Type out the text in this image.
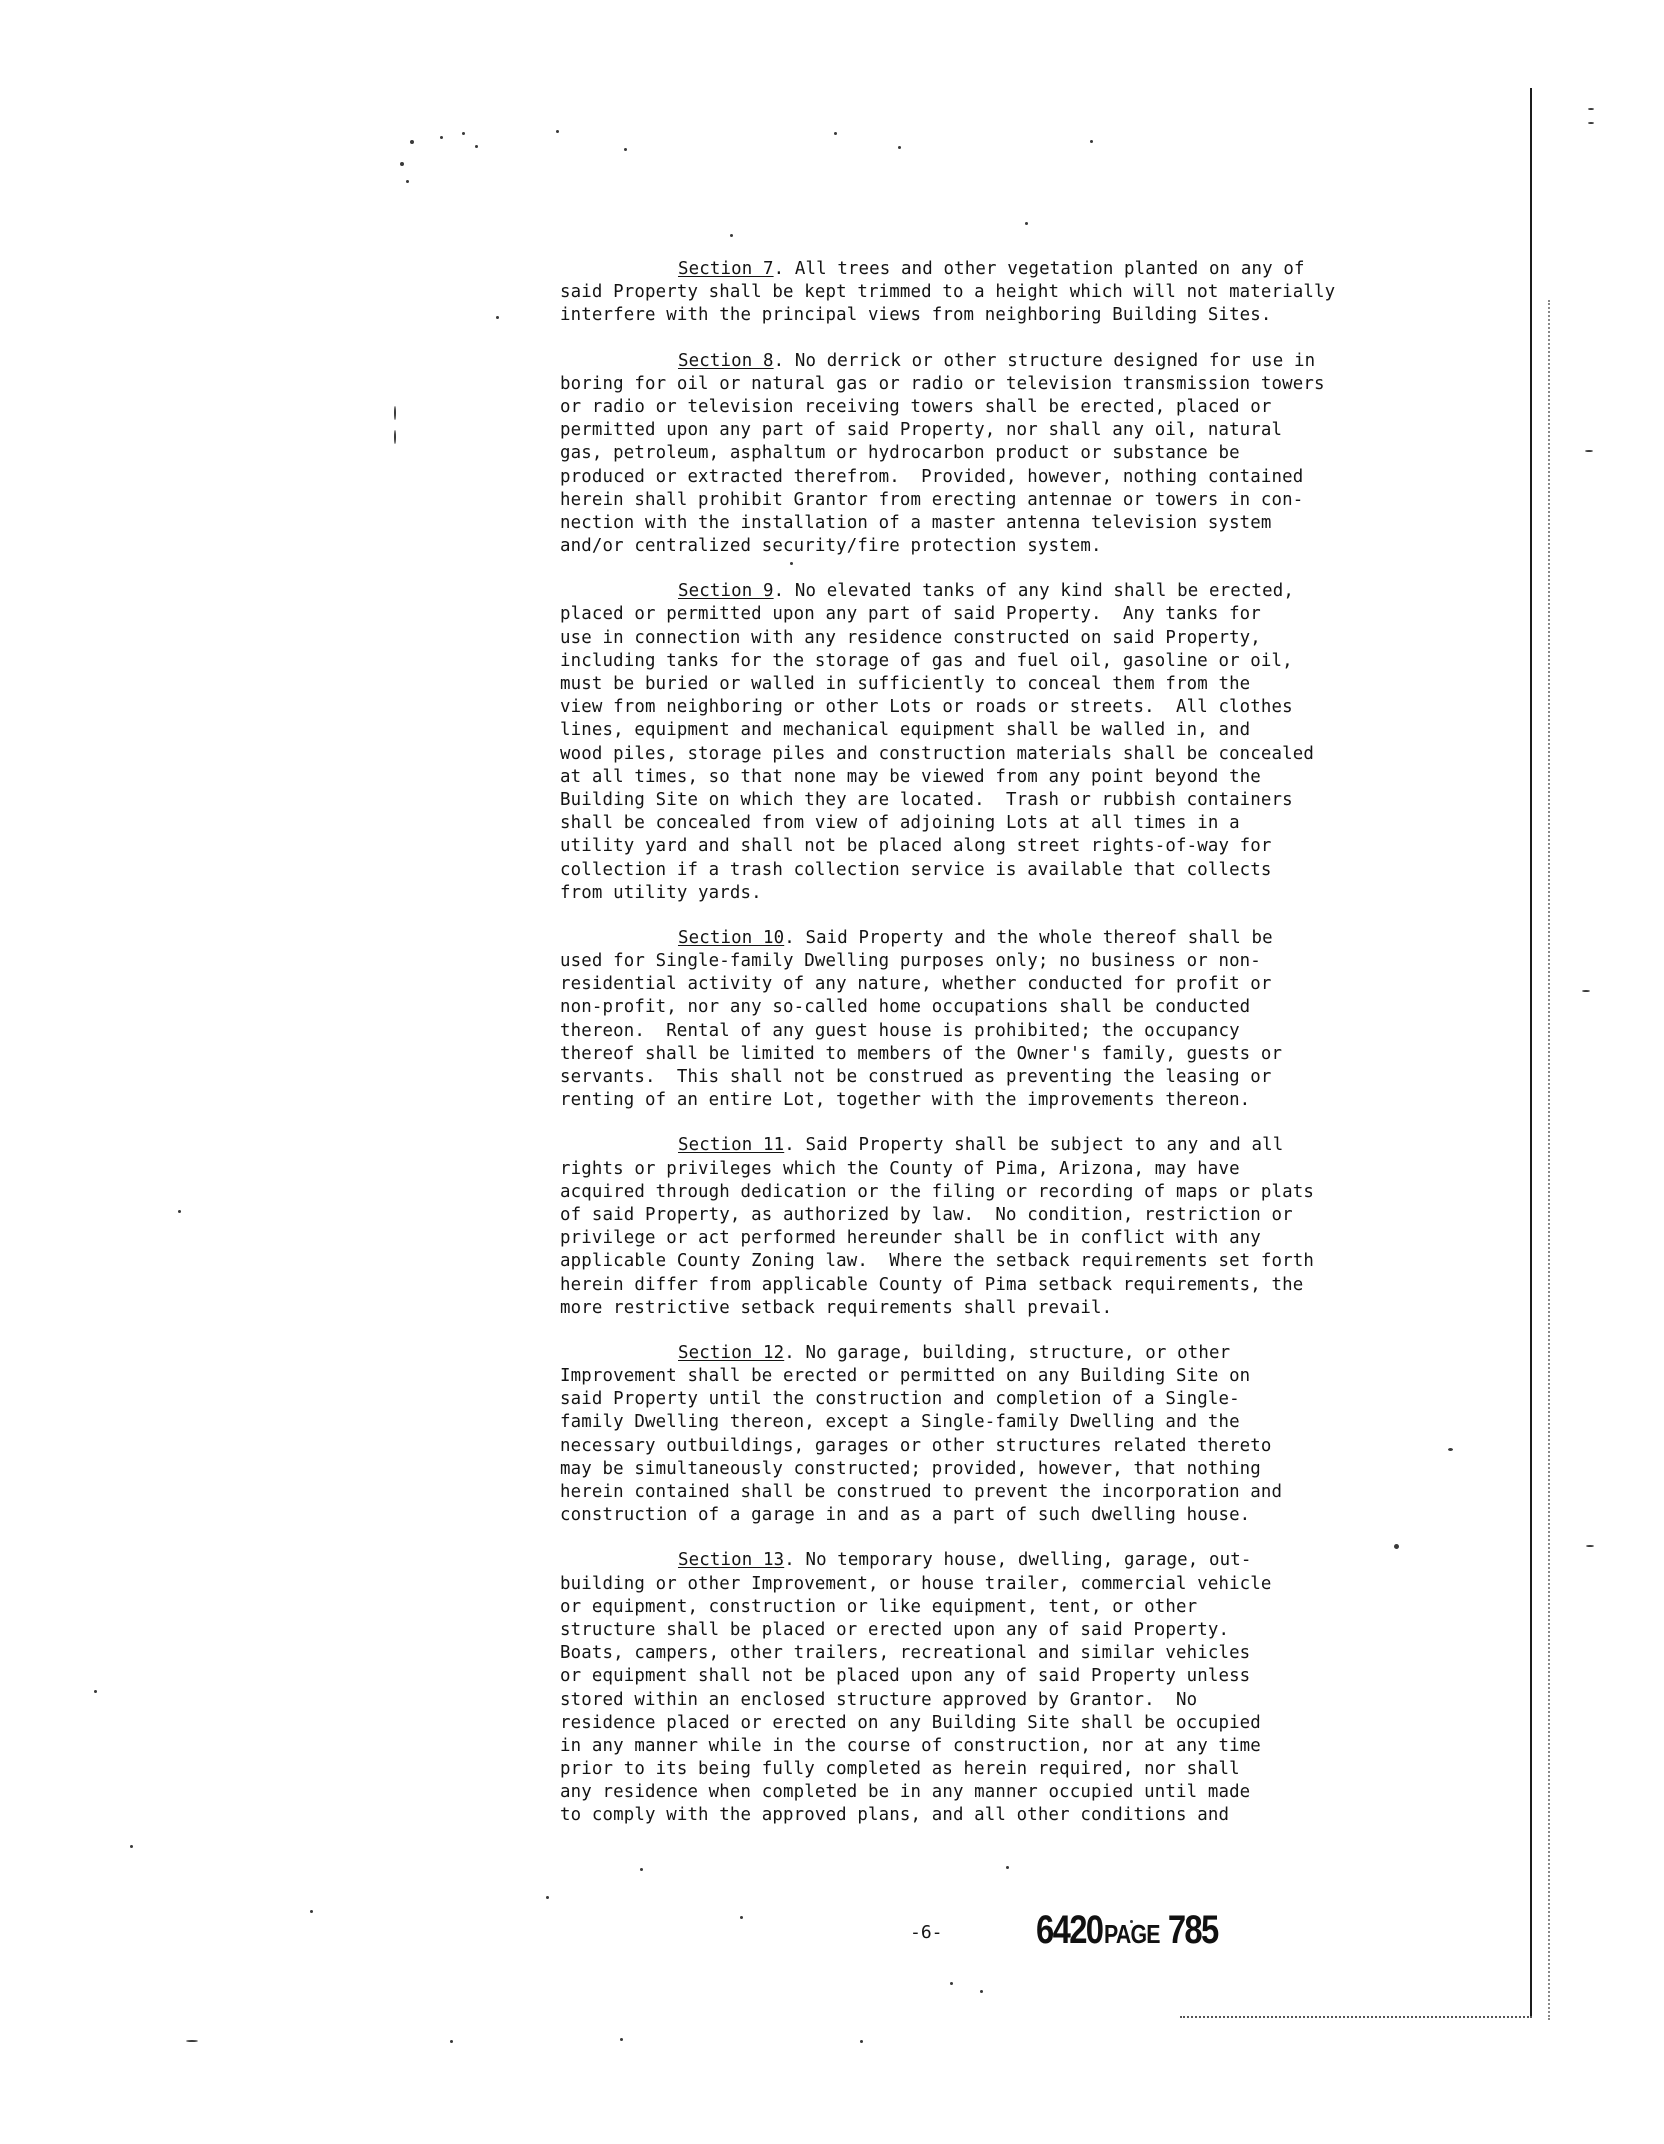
Section 7. All trees and other vegetation planted on any of
said Property shall be kept trimmed to a height which will not materially
interfere with the principal views from neighboring Building Sites.
Section 8. No derrick or other structure designed for use in
boring for oil or natural gas or radio or television transmission towers
or radio or television receiving towers shall be erected, placed or
permitted upon any part of said Property, nor shall any oil, natural
gas, petroleum, asphaltum or hydrocarbon product or substance be
produced or extracted therefrom.  Provided, however, nothing contained
herein shall prohibit Grantor from erecting antennae or towers in con-
nection with the installation of a master antenna television system
and/or centralized security/fire protection system.
Section 9. No elevated tanks of any kind shall be erected,
placed or permitted upon any part of said Property.  Any tanks for
use in connection with any residence constructed on said Property,
including tanks for the storage of gas and fuel oil, gasoline or oil,
must be buried or walled in sufficiently to conceal them from the
view from neighboring or other Lots or roads or streets.  All clothes
lines, equipment and mechanical equipment shall be walled in, and
wood piles, storage piles and construction materials shall be concealed
at all times, so that none may be viewed from any point beyond the
Building Site on which they are located.  Trash or rubbish containers
shall be concealed from view of adjoining Lots at all times in a
utility yard and shall not be placed along street rights-of-way for
collection if a trash collection service is available that collects
from utility yards.
Section 10. Said Property and the whole thereof shall be
used for Single-family Dwelling purposes only; no business or non-
residential activity of any nature, whether conducted for profit or
non-profit, nor any so-called home occupations shall be conducted
thereon.  Rental of any guest house is prohibited; the occupancy
thereof shall be limited to members of the Owner's family, guests or
servants.  This shall not be construed as preventing the leasing or
renting of an entire Lot, together with the improvements thereon.
Section 11. Said Property shall be subject to any and all
rights or privileges which the County of Pima, Arizona, may have
acquired through dedication or the filing or recording of maps or plats
of said Property, as authorized by law.  No condition, restriction or
privilege or act performed hereunder shall be in conflict with any
applicable County Zoning law.  Where the setback requirements set forth
herein differ from applicable County of Pima setback requirements, the
more restrictive setback requirements shall prevail.
Section 12. No garage, building, structure, or other
Improvement shall be erected or permitted on any Building Site on
said Property until the construction and completion of a Single-
family Dwelling thereon, except a Single-family Dwelling and the
necessary outbuildings, garages or other structures related thereto
may be simultaneously constructed; provided, however, that nothing
herein contained shall be construed to prevent the incorporation and
construction of a garage in and as a part of such dwelling house.
Section 13. No temporary house, dwelling, garage, out-
building or other Improvement, or house trailer, commercial vehicle
or equipment, construction or like equipment, tent, or other
structure shall be placed or erected upon any of said Property.
Boats, campers, other trailers, recreational and similar vehicles
or equipment shall not be placed upon any of said Property unless
stored within an enclosed structure approved by Grantor.  No
residence placed or erected on any Building Site shall be occupied
in any manner while in the course of construction, nor at any time
prior to its being fully completed as herein required, nor shall
any residence when completed be in any manner occupied until made
to comply with the approved plans, and all other conditions and
-6- 6420PAGE 785
